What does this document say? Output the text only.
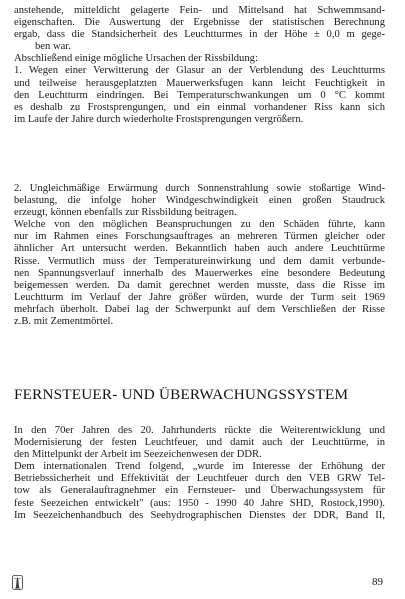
anstehende, mitteldicht gelagerte Fein- und Mittelsand hat Schwemmsand-
eigenschaften. Die Auswertung der Ergebnisse der statistischen Berechnung
ergab, dass die Standsicherheit des Leuchtturmes in der Höhe ± 0,0 m gege-
ben war.
Abschließend einige mögliche Ursachen der Rissbildung:
1. Wegen einer Verwitterung der Glasur an der Verblendung des Leuchtturms
und teilweise herausgeplatzten Mauerwerksfugen kann leicht Feuchtigkeit in
den Leuchtturm eindringen. Bei Temperaturschwankungen um 0 °C kommt
es deshalb zu Frostsprengungen, und ein einmal vorhandener Riss kann sich
im Laufe der Jahre durch wiederholte Frostsprengungen vergrößern.
2. Ungleichmäßige Erwärmung durch Sonnenstrahlung sowie stoßartige Wind-
belastung, die infolge hoher Windgeschwindigkeit einen großen Staudruck
erzeugt, können ebenfalls zur Rissbildung beitragen.
Welche von den möglichen Beanspruchungen zu den Schäden führte, kann
nur im Rahmen eines Forschungsauftrages an mehreren Türmen gleicher oder
ähnlicher Art untersucht werden. Bekanntlich haben auch andere Leuchttürme
Risse. Vermutlich muss der Temperatureinwirkung und dem damit verbunde-
nen Spannungsverlauf innerhalb des Mauerwerkes eine besondere Bedeutung
beigemessen werden. Da damit gerechnet werden musste, dass die Risse im
Leuchtturm im Verlauf der Jahre größer würden, wurde der Turm seit 1969
mehrfach überholt. Dabei lag der Schwerpunkt auf dem Verschließen der Risse
z.B. mit Zementmörtel.
FERNSTEUER- UND ÜBERWACHUNGSSYSTEM
In den 70er Jahren des 20. Jahrhunderts rückte die Weiterentwicklung und
Modernisierung der festen Leuchtfeuer, und damit auch der Leuchttürme, in
den Mittelpunkt der Arbeit im Seezeichenwesen der DDR.
Dem internationalen Trend folgend, „wurde im Interesse der Erhöhung der
Betriebssicherheit und Effektivität der Leuchtfeuer durch den VEB GRW Tel-
tow als Generalauftragnehmer ein Fernsteuer- und Überwachungssystem für
feste Seezeichen entwickelt" (aus: 1950 - 1990 40 Jahre SHD, Rostock,1990).
Im Seezeichenhandbuch des Seehydrographischen Dienstes der DDR, Band II,
89
